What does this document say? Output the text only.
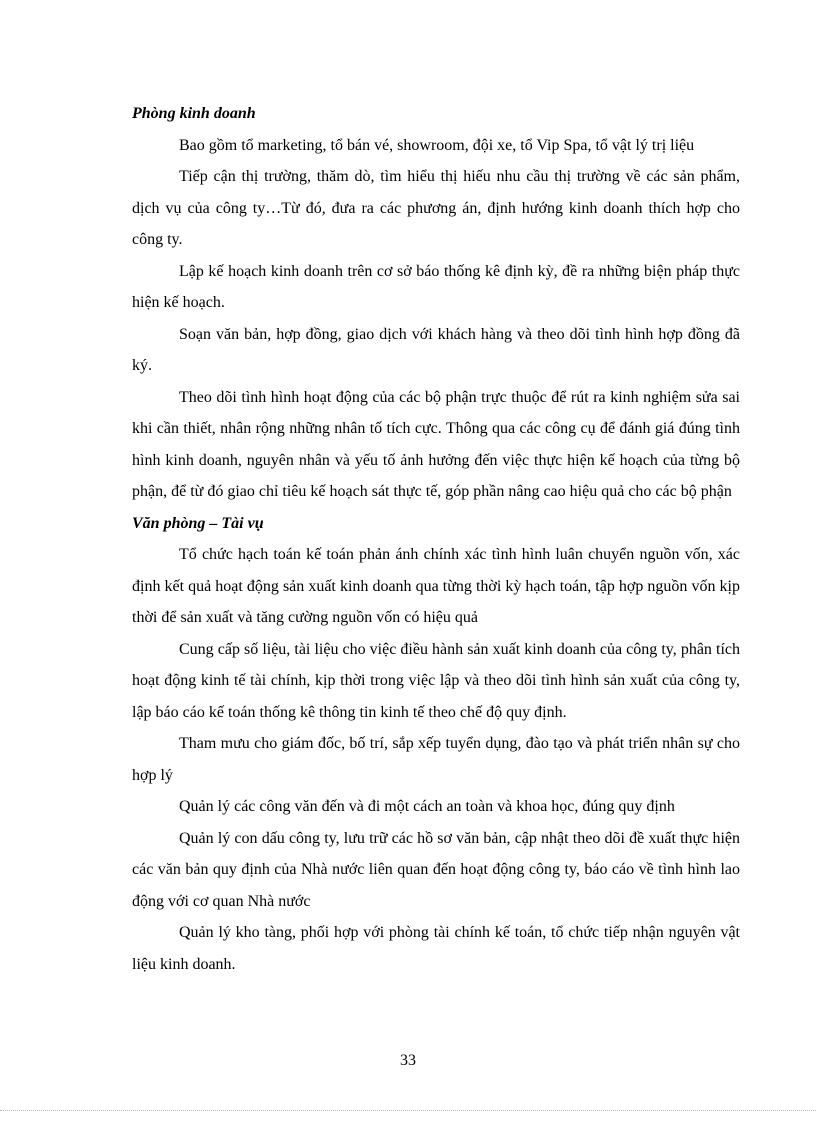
Phòng kinh doanh

Bao gồm tổ marketing, tổ bán vé, showroom, đội xe, tổ Vip Spa, tổ vật lý trị liệu

Tiếp cận thị trường, thăm dò, tìm hiểu thị hiếu nhu cầu thị trường về các sản phẩm, dịch vụ của công ty…Từ đó, đưa ra các phương án, định hướng kinh doanh thích hợp cho công ty.

Lập kế hoạch kinh doanh trên cơ sở báo thống kê định kỳ, đề ra những biện pháp thực hiện kế hoạch.

Soạn văn bản, hợp đồng, giao dịch với khách hàng và theo dõi tình hình hợp đồng đã ký.

Theo dõi tình hình hoạt động của các bộ phận trực thuộc để rút ra kinh nghiệm sửa sai khi cần thiết, nhân rộng những nhân tố tích cực. Thông qua các công cụ để đánh giá đúng tình hình kinh doanh, nguyên nhân và yếu tố ảnh hưởng đến việc thực hiện kế hoạch của từng bộ phận, để từ đó giao chỉ tiêu kế hoạch sát thực tế, góp phần nâng cao hiệu quả cho các bộ phận

Văn phòng – Tài vụ

Tổ chức hạch toán kế toán phản ánh chính xác tình hình luân chuyển nguồn vốn, xác định kết quả hoạt động sản xuất kinh doanh qua từng thời kỳ hạch toán, tập hợp nguồn vốn kịp thời để sản xuất và tăng cường nguồn vốn có hiệu quả

Cung cấp số liệu, tài liệu cho việc điều hành sản xuất kinh doanh của công ty, phân tích hoạt động kinh tế tài chính, kịp thời trong việc lập và theo dõi tình hình sản xuất của công ty, lập báo cáo kế toán thống kê thông tin kinh tế theo chế độ quy định.

Tham mưu cho giám đốc, bố trí, sắp xếp tuyển dụng, đào tạo và phát triển nhân sự cho hợp lý

Quản lý các công văn đến và đi một cách an toàn và khoa học, đúng quy định

Quản lý con dấu công ty, lưu trữ các hồ sơ văn bản, cập nhật theo dõi đề xuất thực hiện các văn bản quy định của Nhà nước liên quan đến hoạt động công ty, báo cáo về tình hình lao động với cơ quan Nhà nước

Quản lý kho tàng, phối hợp với phòng tài chính kế toán, tổ chức tiếp nhận nguyên vật liệu kinh doanh.

33
